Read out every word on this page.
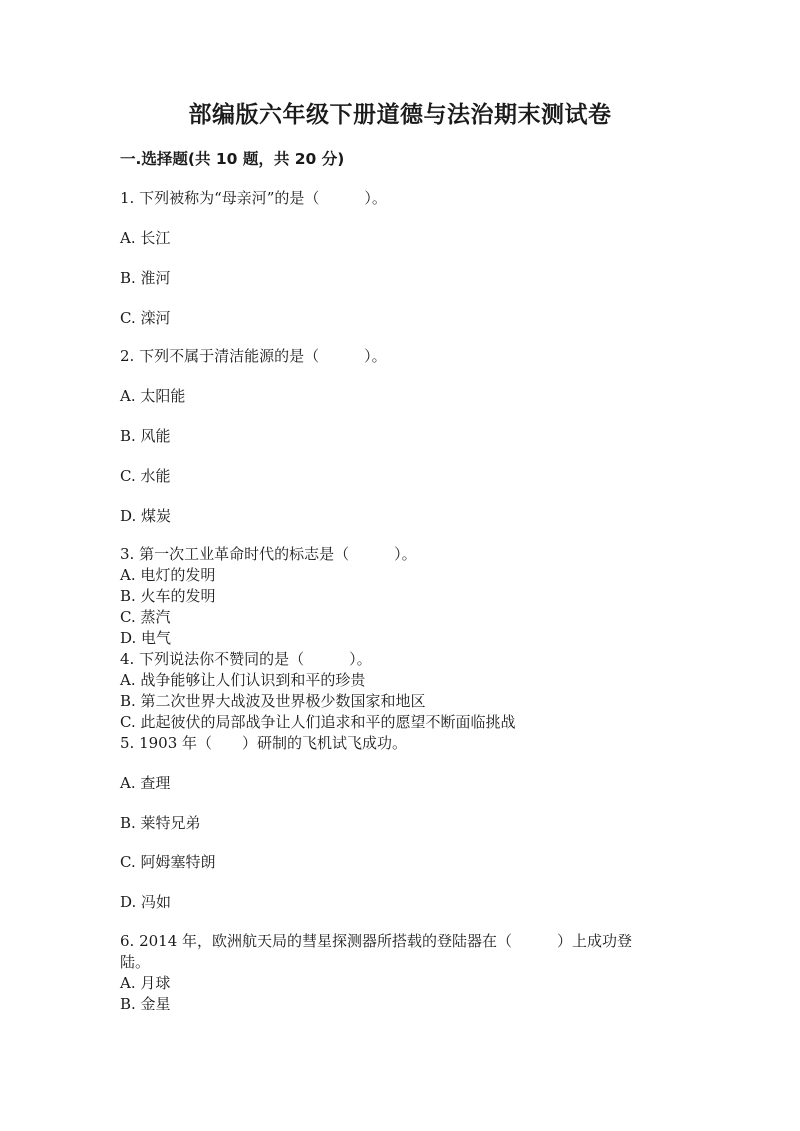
部编版六年级下册道德与法治期末测试卷
一.选择题(共 10 题，共 20 分)
1. 下列被称为“母亲河”的是（　　　）。
A. 长江
B. 淮河
C. 滦河
2. 下列不属于清洁能源的是（　　　）。
A. 太阳能
B. 风能
C. 水能
D. 煤炭
3. 第一次工业革命时代的标志是（　　　）。
A. 电灯的发明
B. 火车的发明
C. 蒸汽
D. 电气
4. 下列说法你不赞同的是（　　　）。
A. 战争能够让人们认识到和平的珍贵
B. 第二次世界大战波及世界极少数国家和地区
C. 此起彼伏的局部战争让人们追求和平的愿望不断面临挑战
5. 1903 年（　　）研制的飞机试飞成功。
A. 查理
B. 莱特兄弟
C. 阿姆塞特朗
D. 冯如
6. 2014 年，欧洲航天局的彗星探测器所搭载的登陆器在（　　　）上成功登
陆。
A. 月球
B. 金星
